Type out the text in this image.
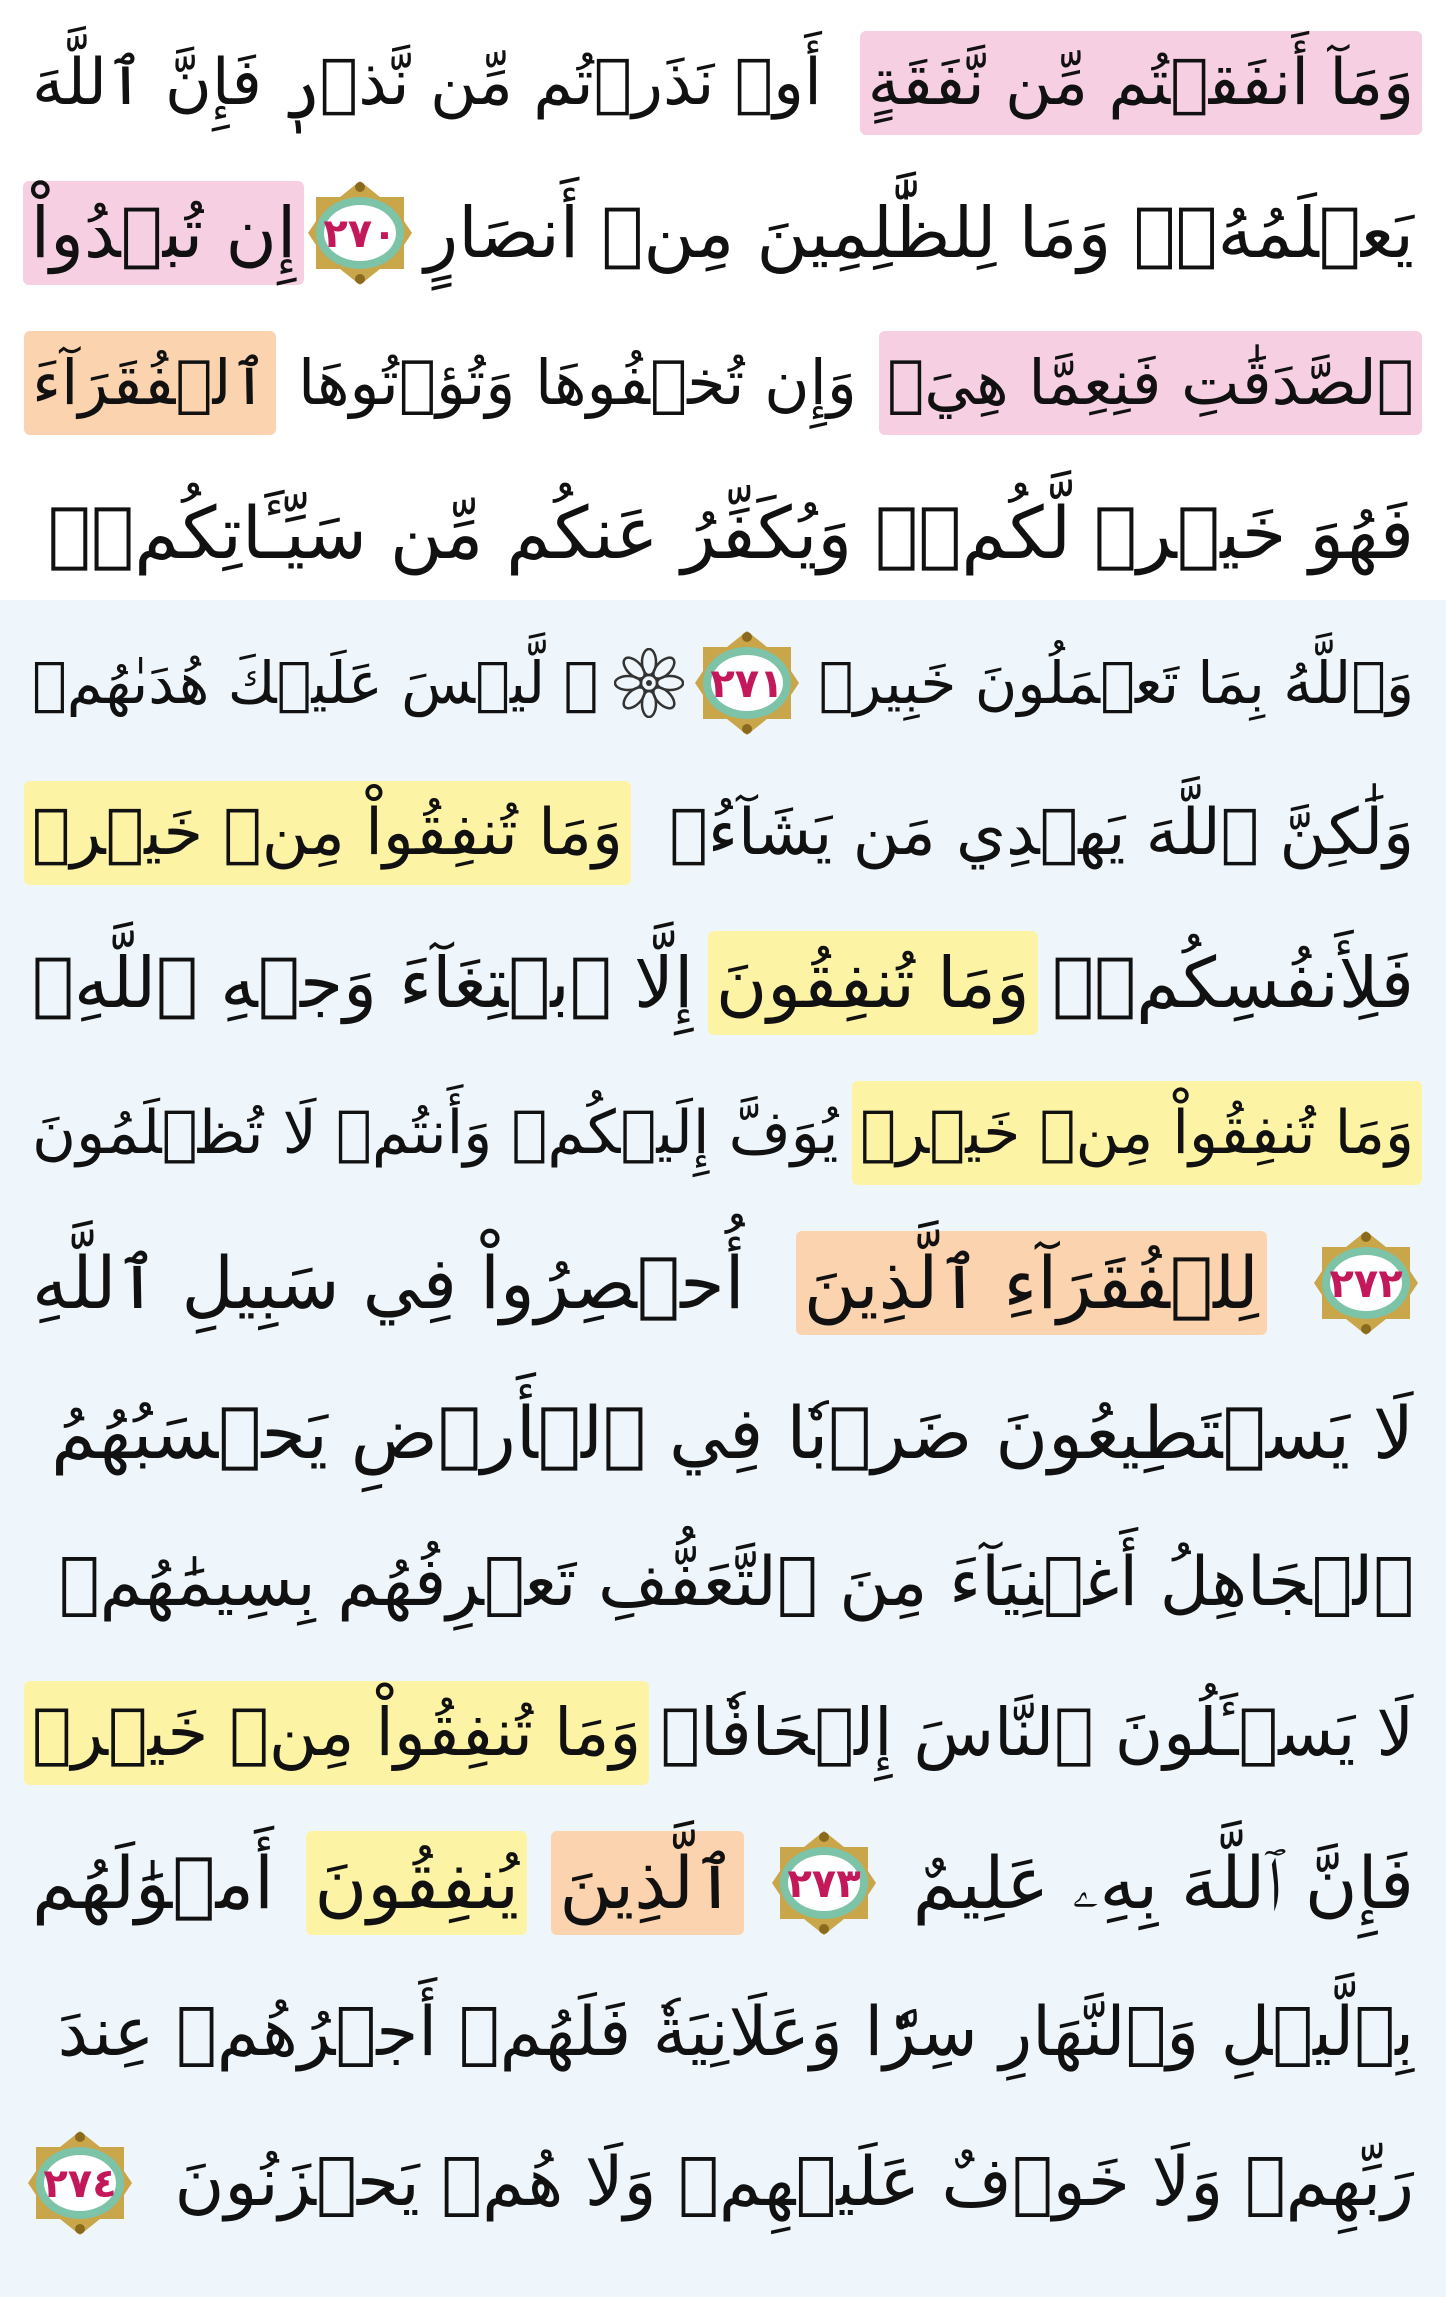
وَمَآ أَنفَقۡتُم مِّن نَّفَقَةٍ
أَوۡ نَذَرۡتُم مِّن نَّذۡرٖ فَإِنَّ ٱللَّهَ
يَعۡلَمُهُۥۗ وَمَا لِلظَّٰلِمِينَ مِنۡ أَنصَارٍ
٢٧٠
إِن تُبۡدُواْ
ٱلصَّدَقَٰتِ فَنِعِمَّا هِيَۖ
وَإِن تُخۡفُوهَا وَتُؤۡتُوهَا
ٱلۡفُقَرَآءَ
فَهُوَ خَيۡرٞ لَّكُمۡۚ وَيُكَفِّرُ عَنكُم مِّن سَيِّـَٔاتِكُمۡۗ
وَٱللَّهُ بِمَا تَعۡمَلُونَ خَبِيرٞ
٢٧١
۞ لَّيۡسَ عَلَيۡكَ هُدَىٰهُمۡ
وَلَٰكِنَّ ٱللَّهَ يَهۡدِي مَن يَشَآءُۗ
وَمَا تُنفِقُواْ مِنۡ خَيۡرٖ
فَلِأَنفُسِكُمۡۚ
وَمَا تُنفِقُونَ
إِلَّا ٱبۡتِغَآءَ وَجۡهِ ٱللَّهِۚ
وَمَا تُنفِقُواْ مِنۡ خَيۡرٖ
يُوَفَّ إِلَيۡكُمۡ وَأَنتُمۡ لَا تُظۡلَمُونَ
٢٧٢
لِلۡفُقَرَآءِ ٱلَّذِينَ
أُحۡصِرُواْ فِي سَبِيلِ ٱللَّهِ
لَا يَسۡتَطِيعُونَ ضَرۡبٗا فِي ٱلۡأَرۡضِ يَحۡسَبُهُمُ
ٱلۡجَاهِلُ أَغۡنِيَآءَ مِنَ ٱلتَّعَفُّفِ تَعۡرِفُهُم بِسِيمَٰهُمۡ
لَا يَسۡـَٔلُونَ ٱلنَّاسَ إِلۡحَافٗاۗ
وَمَا تُنفِقُواْ مِنۡ خَيۡرٖ
فَإِنَّ ٱللَّهَ بِهِۦ عَلِيمٌ
٢٧٣
ٱلَّذِينَ
يُنفِقُونَ
أَمۡوَٰلَهُم
بِٱلَّيۡلِ وَٱلنَّهَارِ سِرّٗا وَعَلَانِيَةٗ فَلَهُمۡ أَجۡرُهُمۡ عِندَ
رَبِّهِمۡ وَلَا خَوۡفٌ عَلَيۡهِمۡ وَلَا هُمۡ يَحۡزَنُونَ
٢٧٤
